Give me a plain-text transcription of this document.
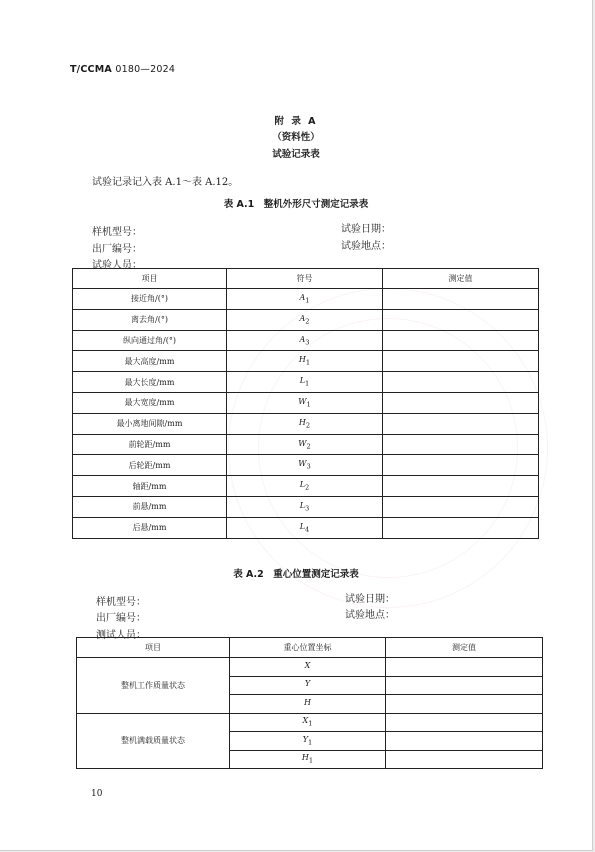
T/CCMA 0180—2024
附 录 A
（资料性）
试验记录表
试验记录记入表 A.1～表 A.12。
表 A.1　整机外形尺寸测定记录表
样机型号：	试验日期：
出厂编号：	试验地点：
试验人员：
项目	符号	测定值
接近角/(°)	$A_1$	
离去角/(°)	$A_2$	
纵向通过角/(°)	$A_3$	
最大高度/mm	$H_1$	
最大长度/mm	$L_1$	
最大宽度/mm	$W_1$	
最小离地间隙/mm	$H_2$	
前轮距/mm	$W_2$	
后轮距/mm	$W_3$	
轴距/mm	$L_2$	
前悬/mm	$L_3$	
后悬/mm	$L_4$	
表 A.2　重心位置测定记录表
样机型号：	试验日期：
出厂编号：	试验地点：
测试人员：
项目	重心位置坐标	测定值
整机工作质量状态	X	
	Y	
	H	
整机满载质量状态	$X_1$	
	$Y_1$	
	$H_1$	
10
